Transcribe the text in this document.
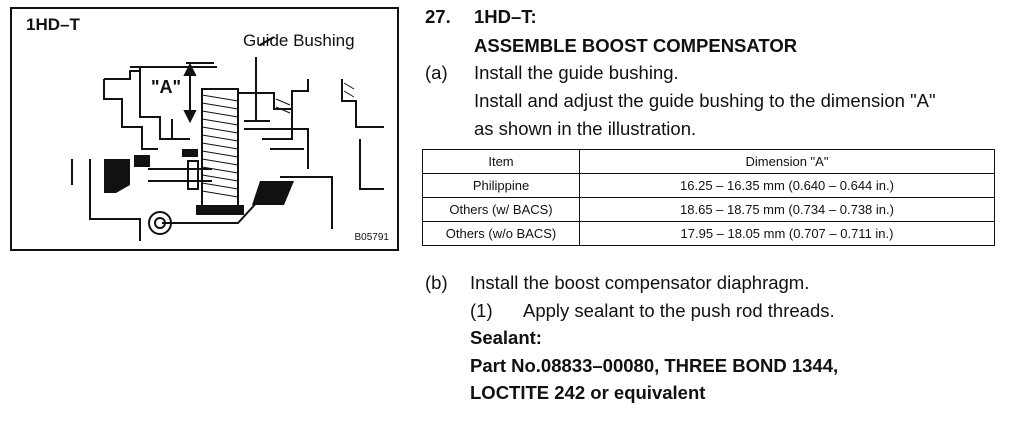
1HD–T
Guide Bushing
"A"
B05791
27. 1HD–T:
ASSEMBLE BOOST COMPENSATOR
(a) Install the guide bushing.
Install and adjust the guide bushing to the dimension "A"
as shown in the illustration.
Item	Dimension "A"
Philippine	16.25 – 16.35 mm (0.640 – 0.644 in.)
Others (w/ BACS)	18.65 – 18.75 mm (0.734 – 0.738 in.)
Others (w/o BACS)	17.95 – 18.05 mm (0.707 – 0.711 in.)
(b) Install the boost compensator diaphragm.
(1) Apply sealant to the push rod threads.
Sealant:
Part No.08833–00080, THREE BOND 1344,
LOCTITE 242 or equivalent
